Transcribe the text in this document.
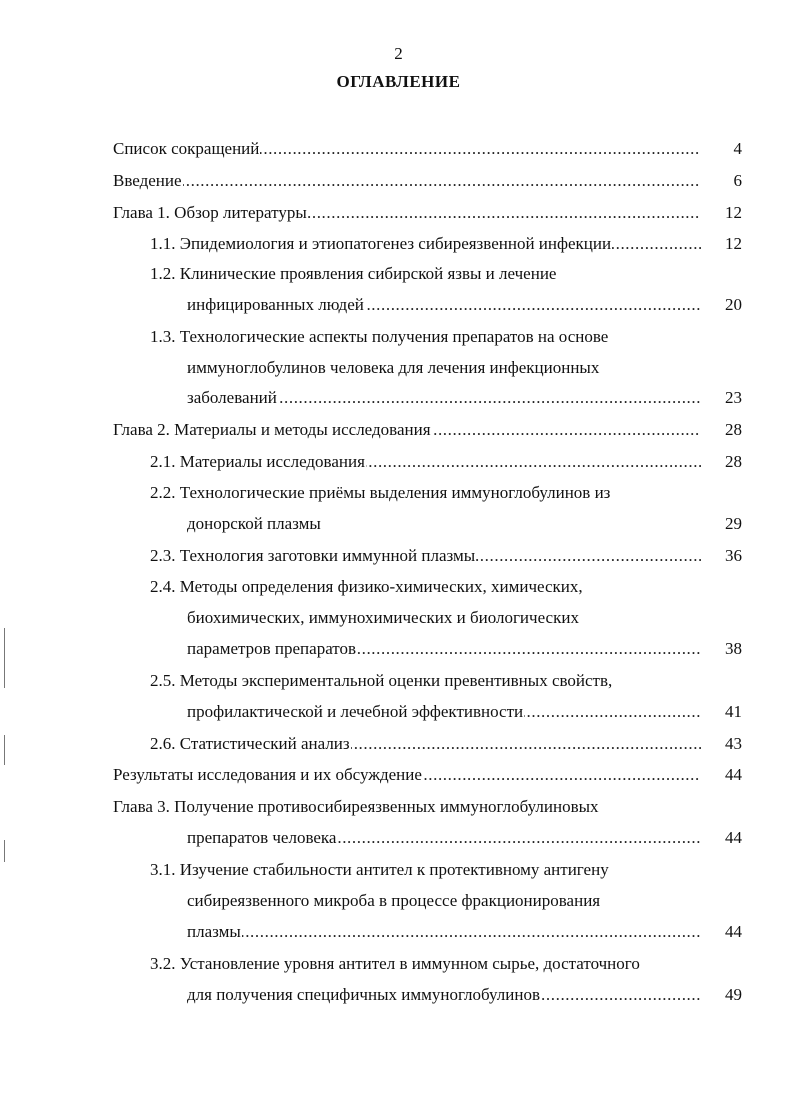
2
ОГЛАВЛЕНИЕ
..... Список сокращений	4
..... Введение	6
..... Глава 1. Обзор литературы	12
..... 1.1. Эпидемиология и этиопатогенез сибиреязвенной инфекции	12
1.2. Клинические проявления сибирской язвы и лечение
..... инфицированных людей	20
1.3. Технологические аспекты получения препаратов на основе
иммуноглобулинов человека для лечения инфекционных
..... заболеваний	23
..... Глава 2. Материалы и методы исследования	28
..... 2.1. Материалы исследования	28
2.2. Технологические приёмы выделения иммуноглобулинов из
донорской плазмы	29
..... 2.3. Технология заготовки иммунной плазмы	36
2.4. Методы определения физико-химических, химических,
биохимических, иммунохимических и биологических
..... параметров препаратов	38
2.5. Методы экспериментальной оценки превентивных свойств,
..... профилактической и лечебной эффективности	41
..... 2.6. Статистический анализ	43
..... Результаты исследования и их обсуждение	44
Глава 3. Получение противосибиреязвенных иммуноглобулиновых
..... препаратов человека	44
3.1. Изучение стабильности антител к протективному антигену
сибиреязвенного микроба в процессе фракционирования
..... плазмы	44
3.2. Установление уровня антител в иммунном сырье, достаточного
..... для получения специфичных иммуноглобулинов	49
